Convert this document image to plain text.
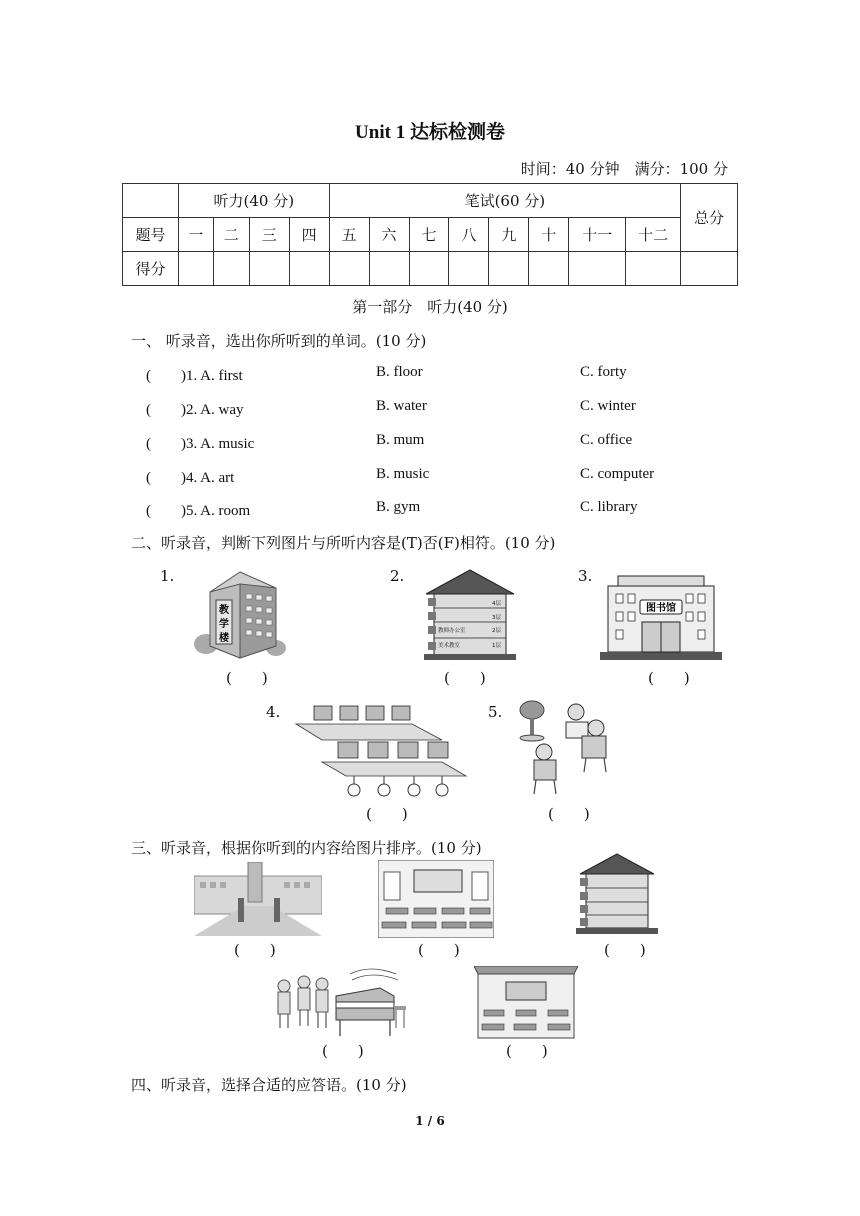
Unit 1 达标检测卷
时间：40 分钟　满分：100 分
	听力(40 分)				笔试(60 分)								总分
题号	一	二	三	四	五	六	七	八	九	十	十一	十二	
得分													
第一部分　听力(40 分)
一、 听录音，选出你所听到的单词。(10 分)
(　　)1. A. first	B. floor	C. forty
(　　)2. A. way	B. water	C. winter
(　　)3. A. music	B. mum	C. office
(　　)4. A. art	B. music	C. computer
(　　)5. A. room	B. gym	C. library
二、听录音，判断下列图片与所听内容是(T)否(F)相符。(10 分)
1.
教
学
楼
(　　)
2.
4层
3层
教师办公室	2层
美术教室	1层
(　　)
3.
图书馆
(　　)
4.
(　　)
5.
(　　)
三、听录音，根据你听到的内容给图片排序。(10 分)
(　　)	(　　)	(　　)
(　　)	(　　)
四、听录音，选择合适的应答语。(10 分)
1 / 6
